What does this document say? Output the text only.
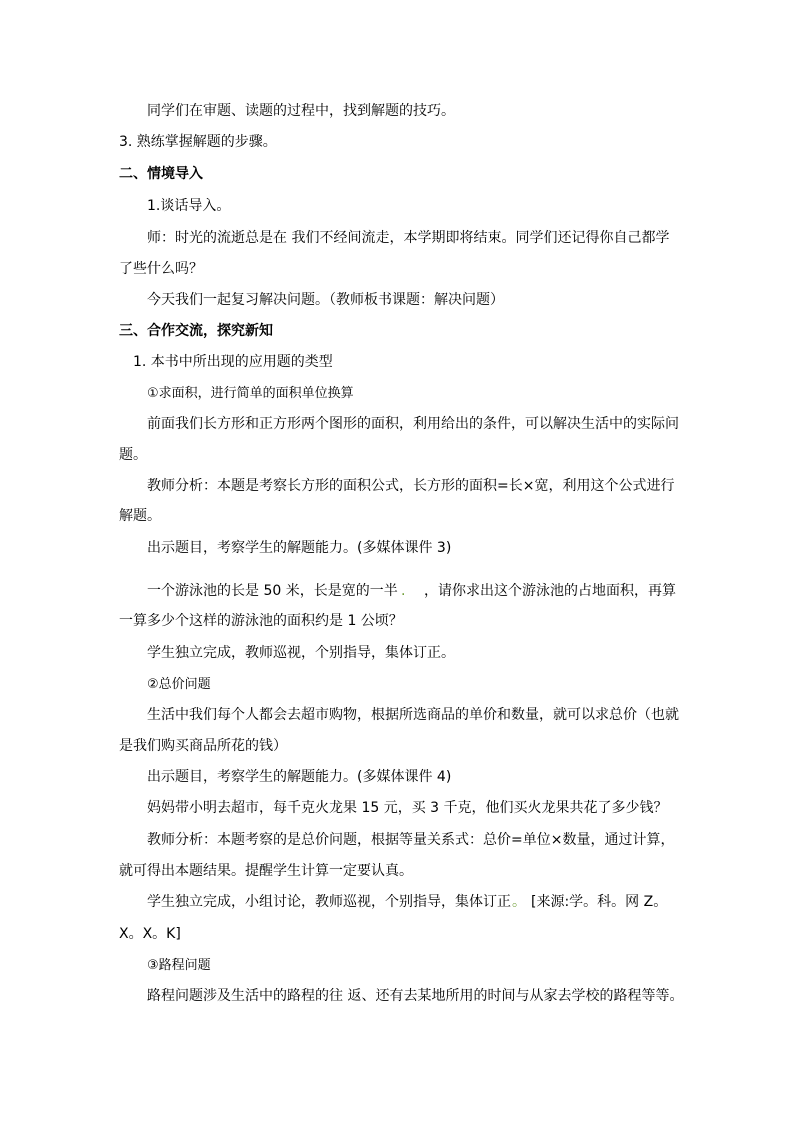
同学们在审题、读题的过程中，找到解题的技巧。

3. 熟练掌握解题的步骤。

二、情境导入

1.谈话导入。

师：时光的流逝总是在 我们不经间流走，本学期即将结束。同学们还记得你自己都学

了些什么吗？

今天我们一起复习解决问题。（教师板书课题：解决问题）

三、合作交流，探究新知

1. 本书中所出现的应用题的类型

①求面积，进行简单的面积单位换算

前面我们长方形和正方形两个图形的面积，利用给出的条件，可以解决生活中的实际问

题。

教师分析：本题是考察长方形的面积公式，长方形的面积=长×宽，利用这个公式进行

解题。

出示题目，考察学生的解题能力。(多媒体课件 3)

一个游泳池的长是 50 米，长是宽的一半 . ，请你求出这个游泳池的占地面积，再算

一算多少个这样的游泳池的面积约是 1 公顷？

学生独立完成，教师巡视，个别指导，集体订正。

②总价问题

生活中我们每个人都会去超市购物，根据所选商品的单价和数量，就可以求总价（也就

是我们购买商品所花的钱）

出示题目，考察学生的解题能力。(多媒体课件 4)

妈妈带小明去超市，每千克火龙果 15 元，买 3 千克，他们买火龙果共花了多少钱？

教师分析：本题考察的是总价问题，根据等量关系式：总价=单位×数量，通过计算，

就可得出本题结果。提醒学生计算一定要认真。

学生独立完成，小组讨论，教师巡视，个别指导，集体订正 。 [来源:学。科。网 Z。

X。X。K]

③路程问题

路程问题涉及生活中的路程的往 返、还有去某地所用的时间与从家去学校的路程等等。
